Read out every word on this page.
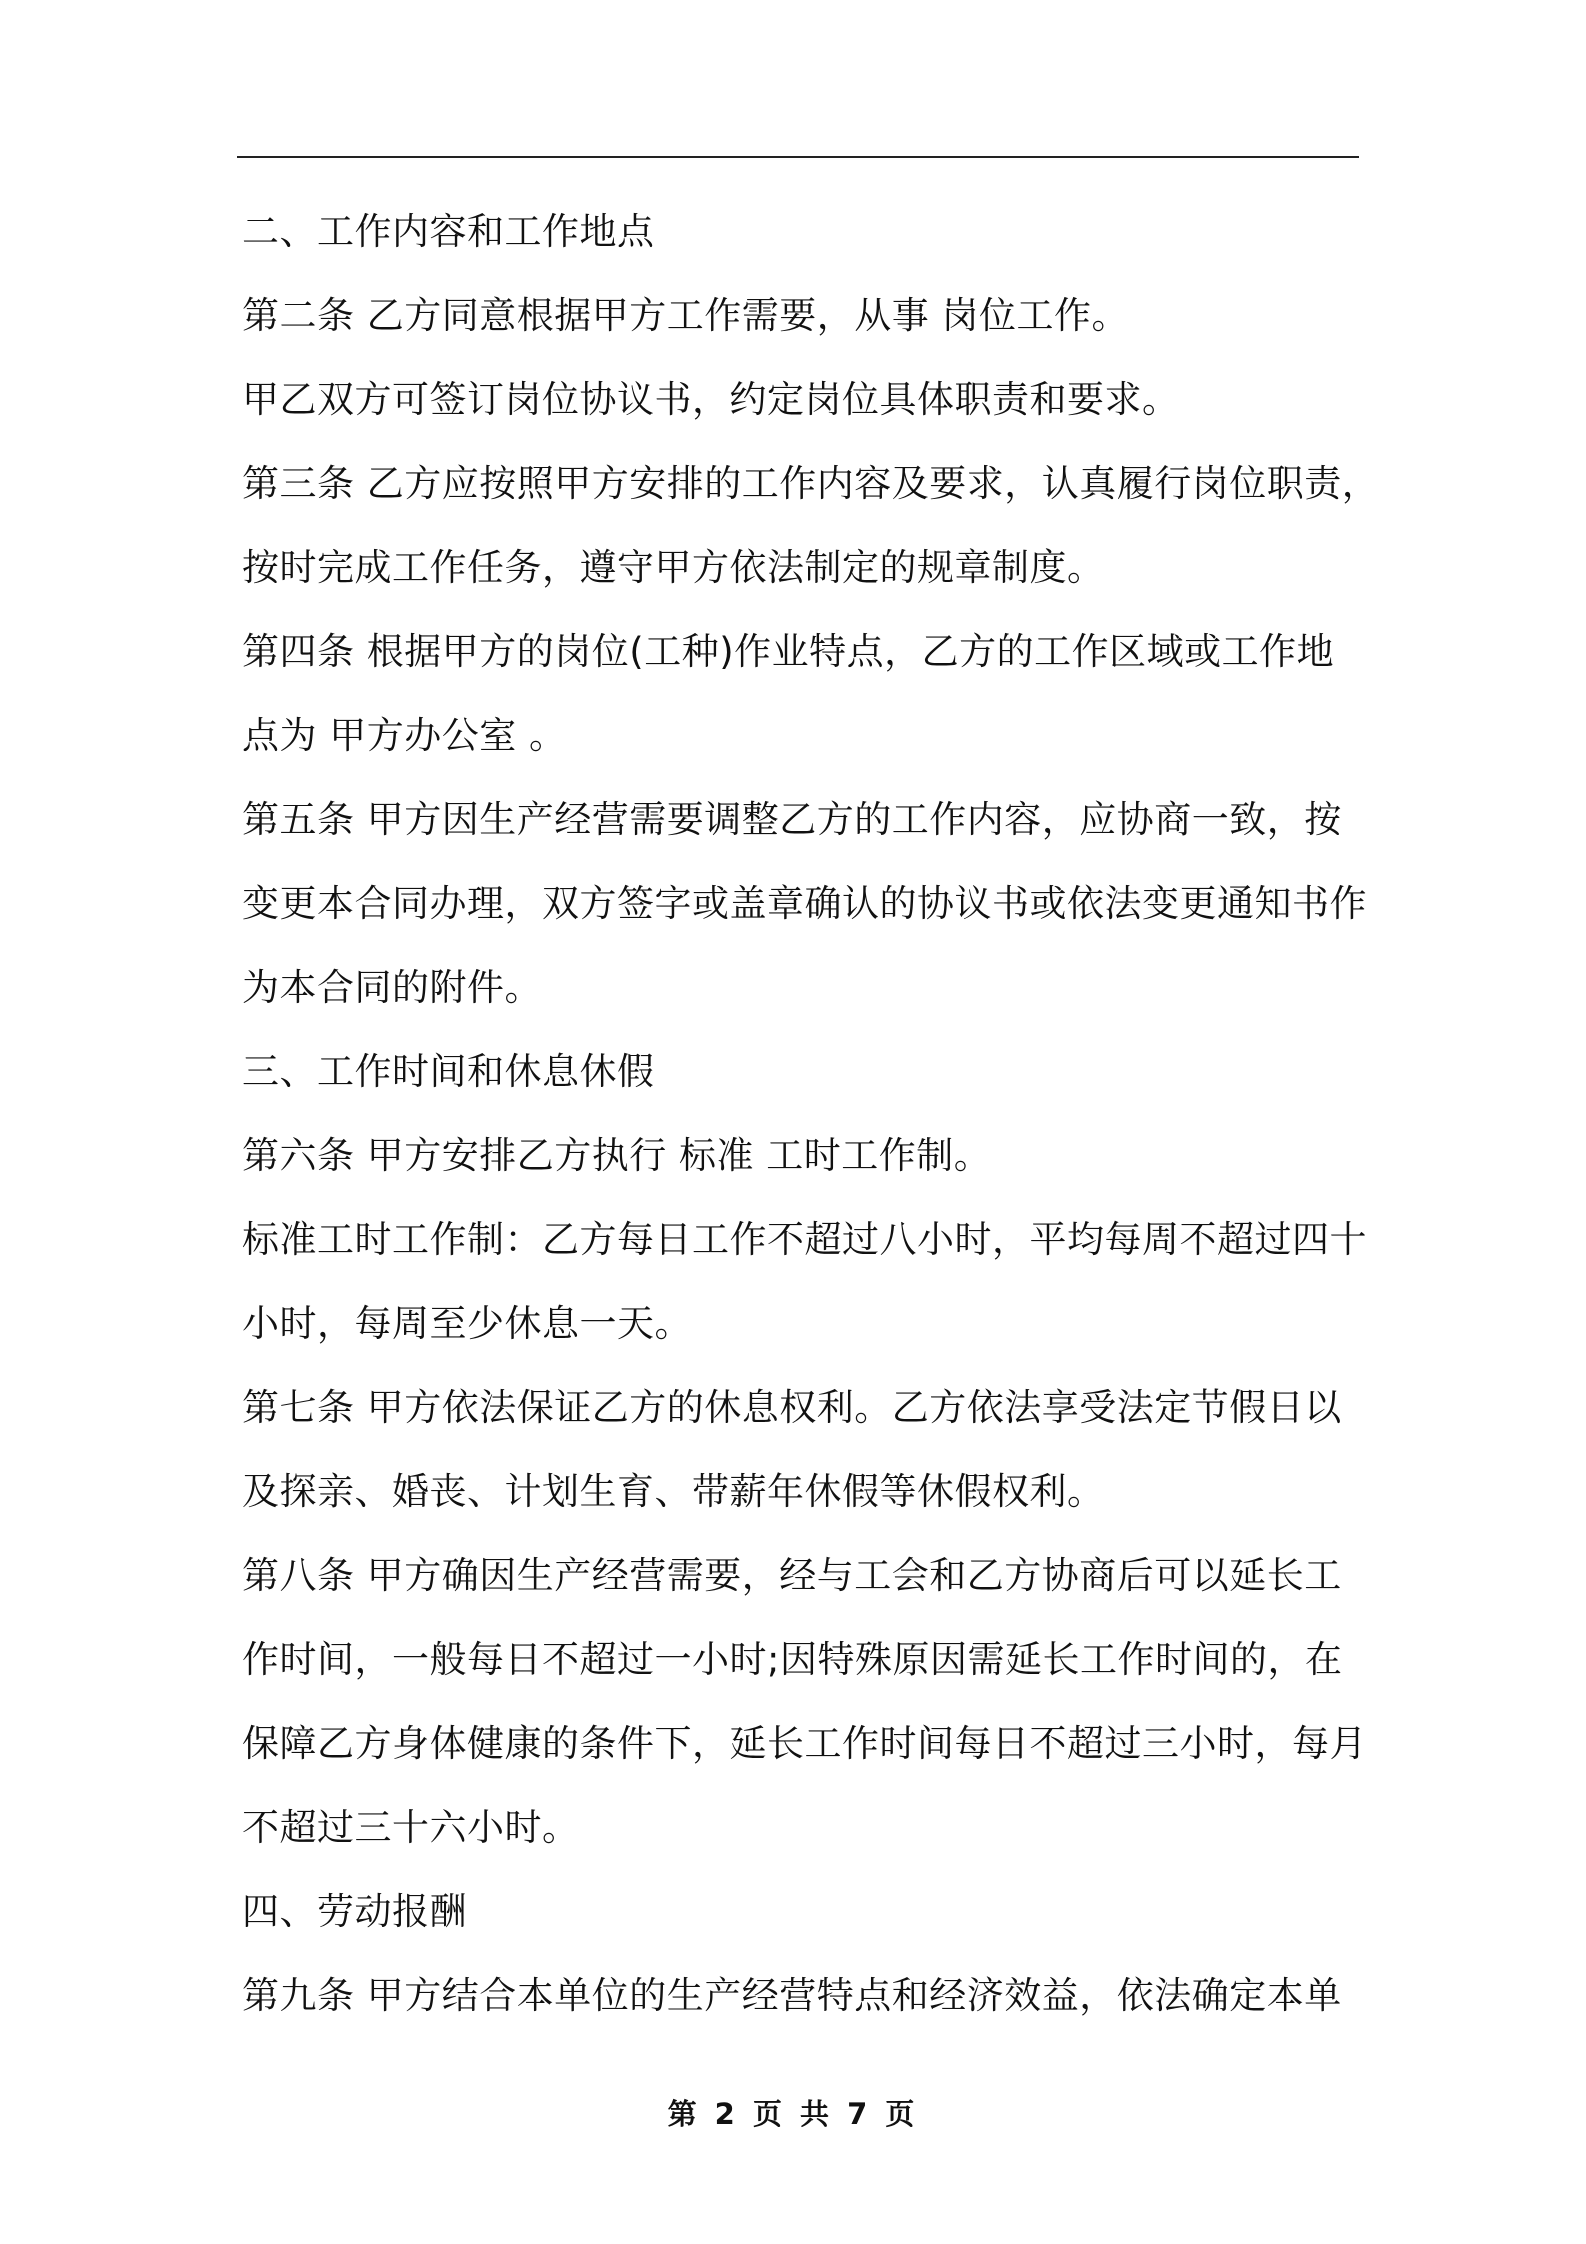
二、工作内容和工作地点
第二条 乙方同意根据甲方工作需要，从事 岗位工作。
甲乙双方可签订岗位协议书，约定岗位具体职责和要求。
第三条 乙方应按照甲方安排的工作内容及要求，认真履行岗位职责，
按时完成工作任务，遵守甲方依法制定的规章制度。
第四条 根据甲方的岗位(工种)作业特点，乙方的工作区域或工作地
点为 甲方办公室 。
第五条 甲方因生产经营需要调整乙方的工作内容，应协商一致，按
变更本合同办理，双方签字或盖章确认的协议书或依法变更通知书作
为本合同的附件。
三、工作时间和休息休假
第六条 甲方安排乙方执行 标准 工时工作制。
标准工时工作制：乙方每日工作不超过八小时，平均每周不超过四十
小时，每周至少休息一天。
第七条 甲方依法保证乙方的休息权利。乙方依法享受法定节假日以
及探亲、婚丧、计划生育、带薪年休假等休假权利。
第八条 甲方确因生产经营需要，经与工会和乙方协商后可以延长工
作时间，一般每日不超过一小时;因特殊原因需延长工作时间的，在
保障乙方身体健康的条件下，延长工作时间每日不超过三小时，每月
不超过三十六小时。
四、劳动报酬
第九条 甲方结合本单位的生产经营特点和经济效益，依法确定本单
第 2 页 共 7 页
